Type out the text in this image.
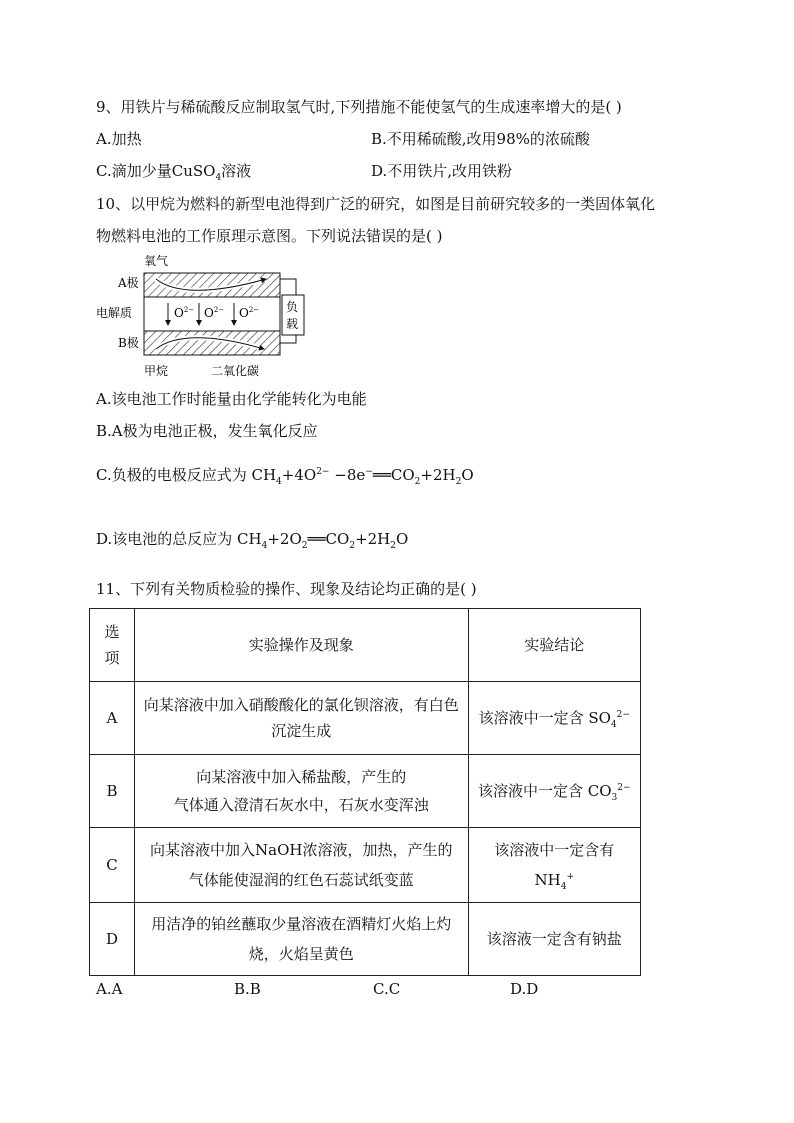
9、用铁片与稀硫酸反应制取氢气时,下列措施不能使氢气的生成速率增大的是( )
A.加热	B.不用稀硫酸,改用98%的浓硫酸
C.滴加少量CuSO$_4$溶液	D.不用铁片,改用铁粉
10、以甲烷为燃料的新型电池得到广泛的研究，如图是目前研究较多的一类固体氧化
物燃料电池的工作原理示意图。下列说法错误的是( )
氧气
A极
电解质
B极
甲烷	二氧化碳
$O^{2-}$ $O^{2-}$ $O^{2-}$ 负
载
A.该电池工作时能量由化学能转化为电能
B.A极为电池正极，发生氧化反应
C.负极的电极反应式为 $CH_4+4O^{2-}$ $-8e^-══CO_2+2H_2O$
D.该电池的总反应为 $CH_4+2O_2══CO_2+2H_2O$
11、下列有关物质检验的操作、现象及结论均正确的是( )
选
项	实验操作及现象	实验结论
A	向某溶液中加入硝酸酸化的氯化钡溶液，有白色沉淀生成	该溶液中一定含 $SO_4^{2-}$
B	向某溶液中加入稀盐酸，产生的
气体通入澄清石灰水中，石灰水变浑浊	该溶液中一定含 $CO_3^{2-}$
C	向某溶液中加入NaOH浓溶液，加热，产生的
气体能使湿润的红色石蕊试纸变蓝	该溶液中一定含有
$NH_4^+$
D	用洁净的铂丝蘸取少量溶液在酒精灯火焰上灼
烧，火焰呈黄色	该溶液一定含有钠盐
A.A	B.B	C.C	D.D
